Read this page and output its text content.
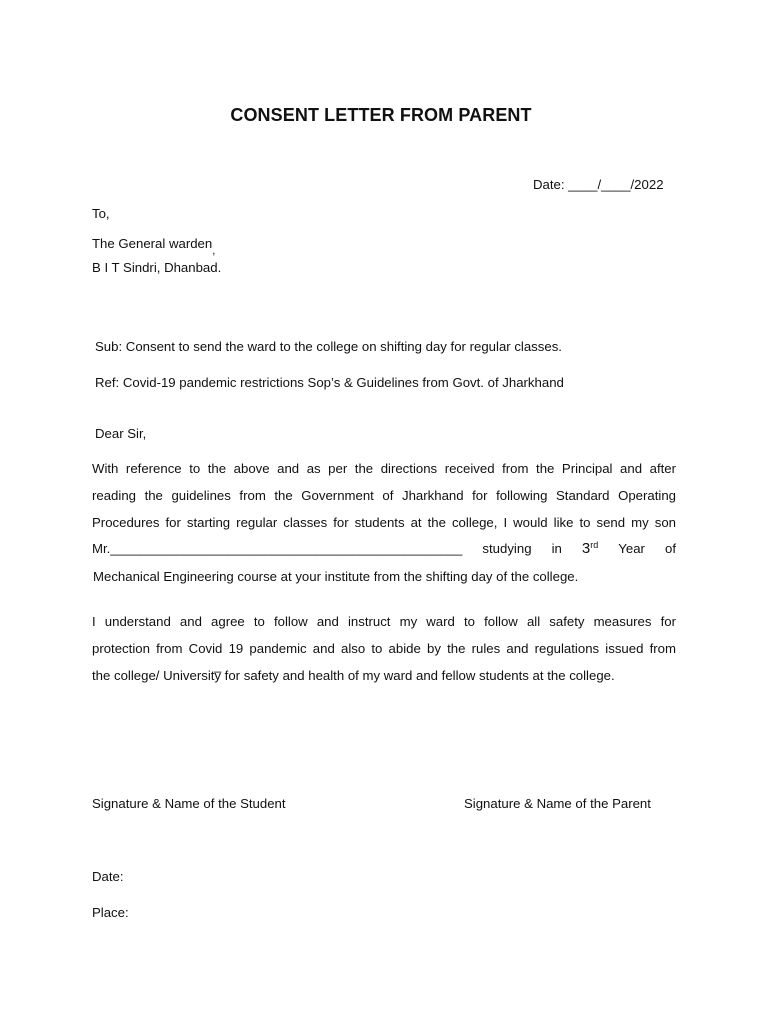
CONSENT LETTER FROM PARENT
Date: ____/____/2022
To,
The General warden$_,$
B I T Sindri, Dhanbad.
Sub: Consent to send the ward to the college on shifting day for regular classes.
Ref: Covid-19 pandemic restrictions Sop’s & Guidelines from Govt. of Jharkhand
Dear Sir,
With reference to the above and as per the directions received from the Principal and after
reading the guidelines from the Government of Jharkhand for following Standard Operating
Procedures for starting regular classes for students at the college, I would like to send my son
Mr.________________________________________________ studying in 3rd Year of
Mechanical Engineering course at your institute from the shifting day of the college.
I understand and agree to follow and instruct my ward to follow all safety measures for
protection from Covid 19 pandemic and also to abide by the rules and regulations issued from
the college/ University̅ for safety and health of my ward and fellow students at the college.
Signature & Name of the Student	Signature & Name of the Parent
Date:
Place:
